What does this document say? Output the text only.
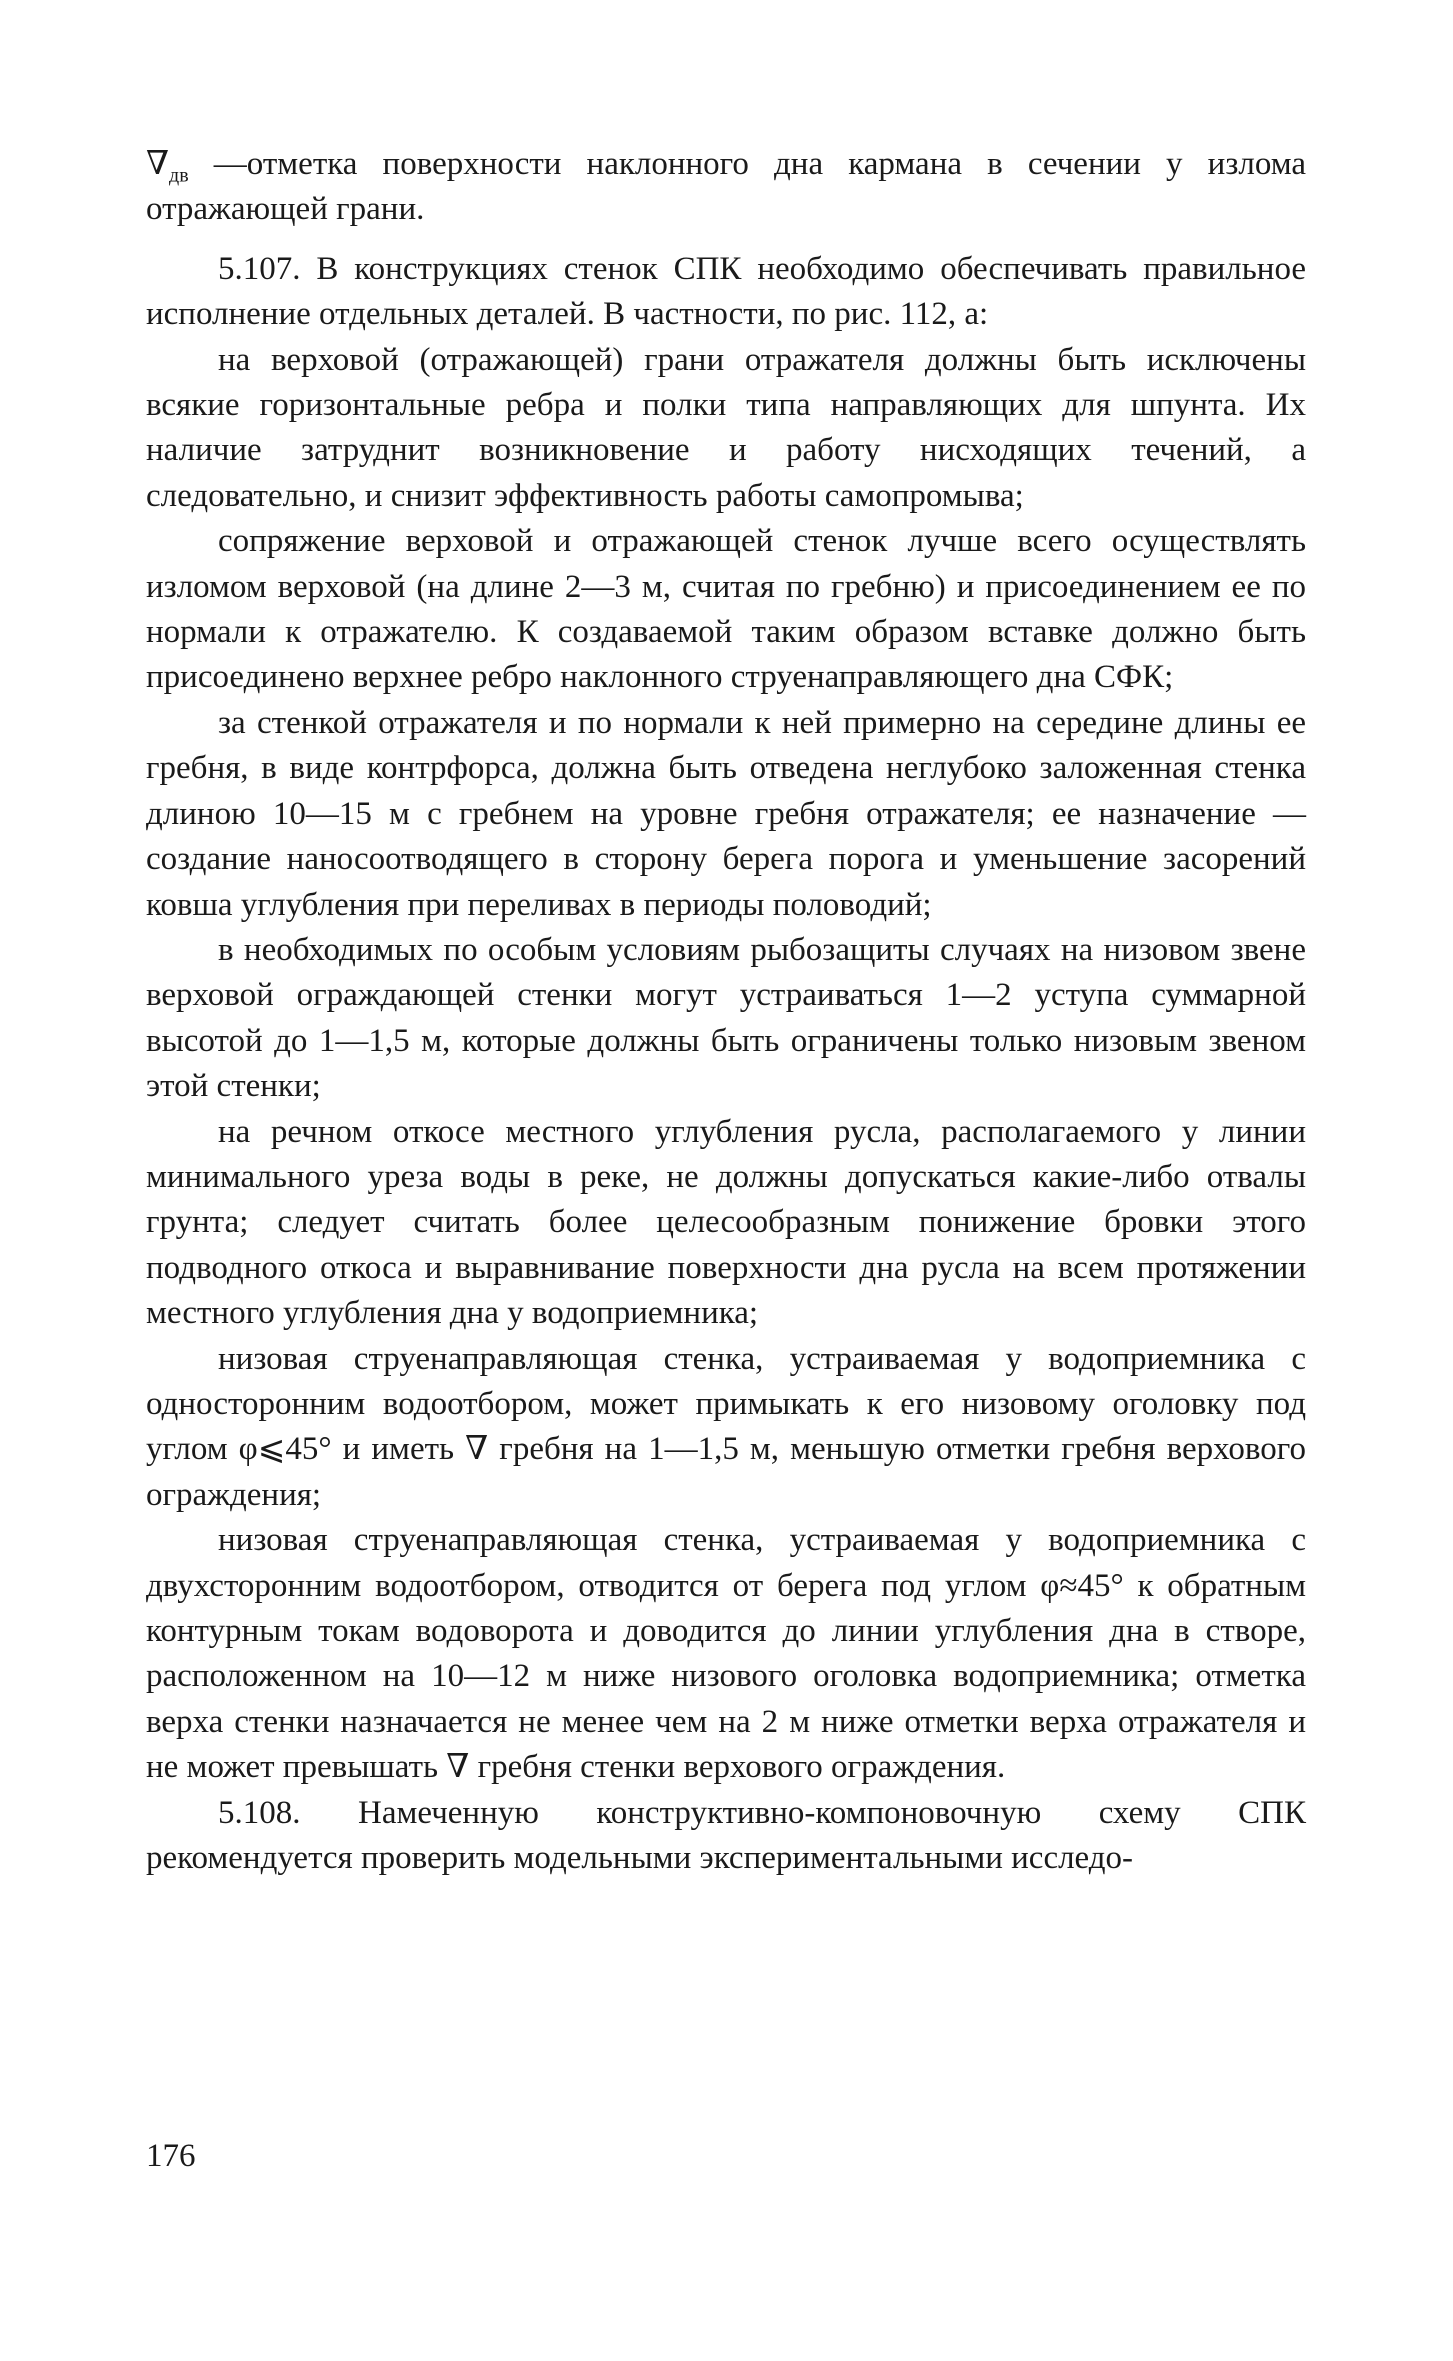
$\nabla_{дв}$ —отметка поверхности наклонного дна кармана в сечении у излома отражающей грани.

5.107. В конструкциях стенок СПК необходимо обеспечивать правильное исполнение отдельных деталей. В частности, по рис. 112, а:

на верховой (отражающей) грани отражателя должны быть исключены всякие горизонтальные ребра и полки типа направляющих для шпунта. Их наличие затруднит возникновение и работу нисходящих течений, а следовательно, и снизит эффективность работы самопромыва;

сопряжение верховой и отражающей стенок лучше всего осуществлять изломом верховой (на длине 2—3 м, считая по гребню) и присоединением ее по нормали к отражателю. К создаваемой таким образом вставке должно быть присоединено верхнее ребро наклонного струенаправляющего дна СФК;

за стенкой отражателя и по нормали к ней примерно на середине длины ее гребня, в виде контрфорса, должна быть отведена неглубоко заложенная стенка длиною 10—15 м с гребнем на уровне гребня отражателя; ее назначение — создание наносоотводящего в сторону берега порога и уменьшение засорений ковша углубления при переливах в периоды половодий;

в необходимых по особым условиям рыбозащиты случаях на низовом звене верховой ограждающей стенки могут устраиваться 1—2 уступа суммарной высотой до 1—1,5 м, которые должны быть ограничены только низовым звеном этой стенки;

на речном откосе местного углубления русла, располагаемого у линии минимального уреза воды в реке, не должны допускаться какие-либо отвалы грунта; следует считать более целесообразным понижение бровки этого подводного откоса и выравнивание поверхности дна русла на всем протяжении местного углубления дна у водоприемника;

низовая струенаправляющая стенка, устраиваемая у водоприемника с односторонним водоотбором, может примыкать к его низовому оголовку под углом φ⩽45° и иметь ∇ гребня на 1—1,5 м, меньшую отметки гребня верхового ограждения;

низовая струенаправляющая стенка, устраиваемая у водоприемника с двухсторонним водоотбором, отводится от берега под углом φ≈45° к обратным контурным токам водоворота и доводится до линии углубления дна в створе, расположенном на 10—12 м ниже низового оголовка водоприемника; отметка верха стенки назначается не менее чем на 2 м ниже отметки верха отражателя и не может превышать ∇ гребня стенки верхового ограждения.

5.108. Намеченную конструктивно-компоновочную схему СПК рекомендуется проверить модельными экспериментальными исследо-

176
